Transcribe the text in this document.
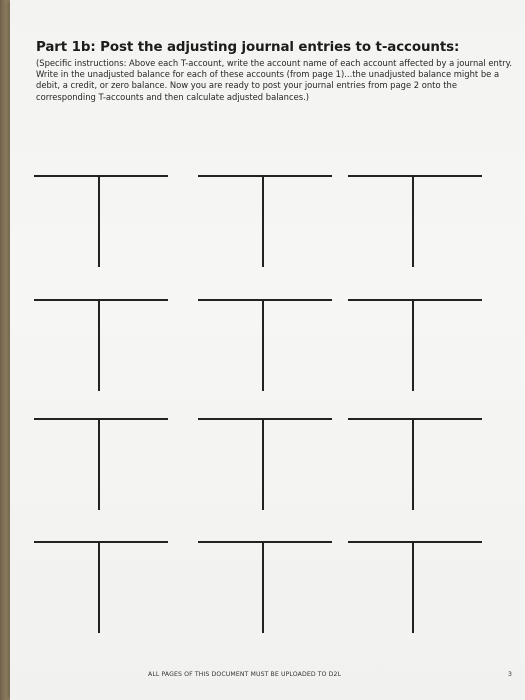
Part 1b: Post the adjusting journal entries to t-accounts:

(Specific instructions: Above each T-account, write the account name of each account affected by a journal entry. Write in the unadjusted balance for each of these accounts (from page 1)...the unadjusted balance might be a debit, a credit, or zero balance. Now you are ready to post your journal entries from page 2 onto the corresponding T-accounts and then calculate adjusted balances.)

ALL PAGES OF THIS DOCUMENT MUST BE UPLOADED TO D2L	3
